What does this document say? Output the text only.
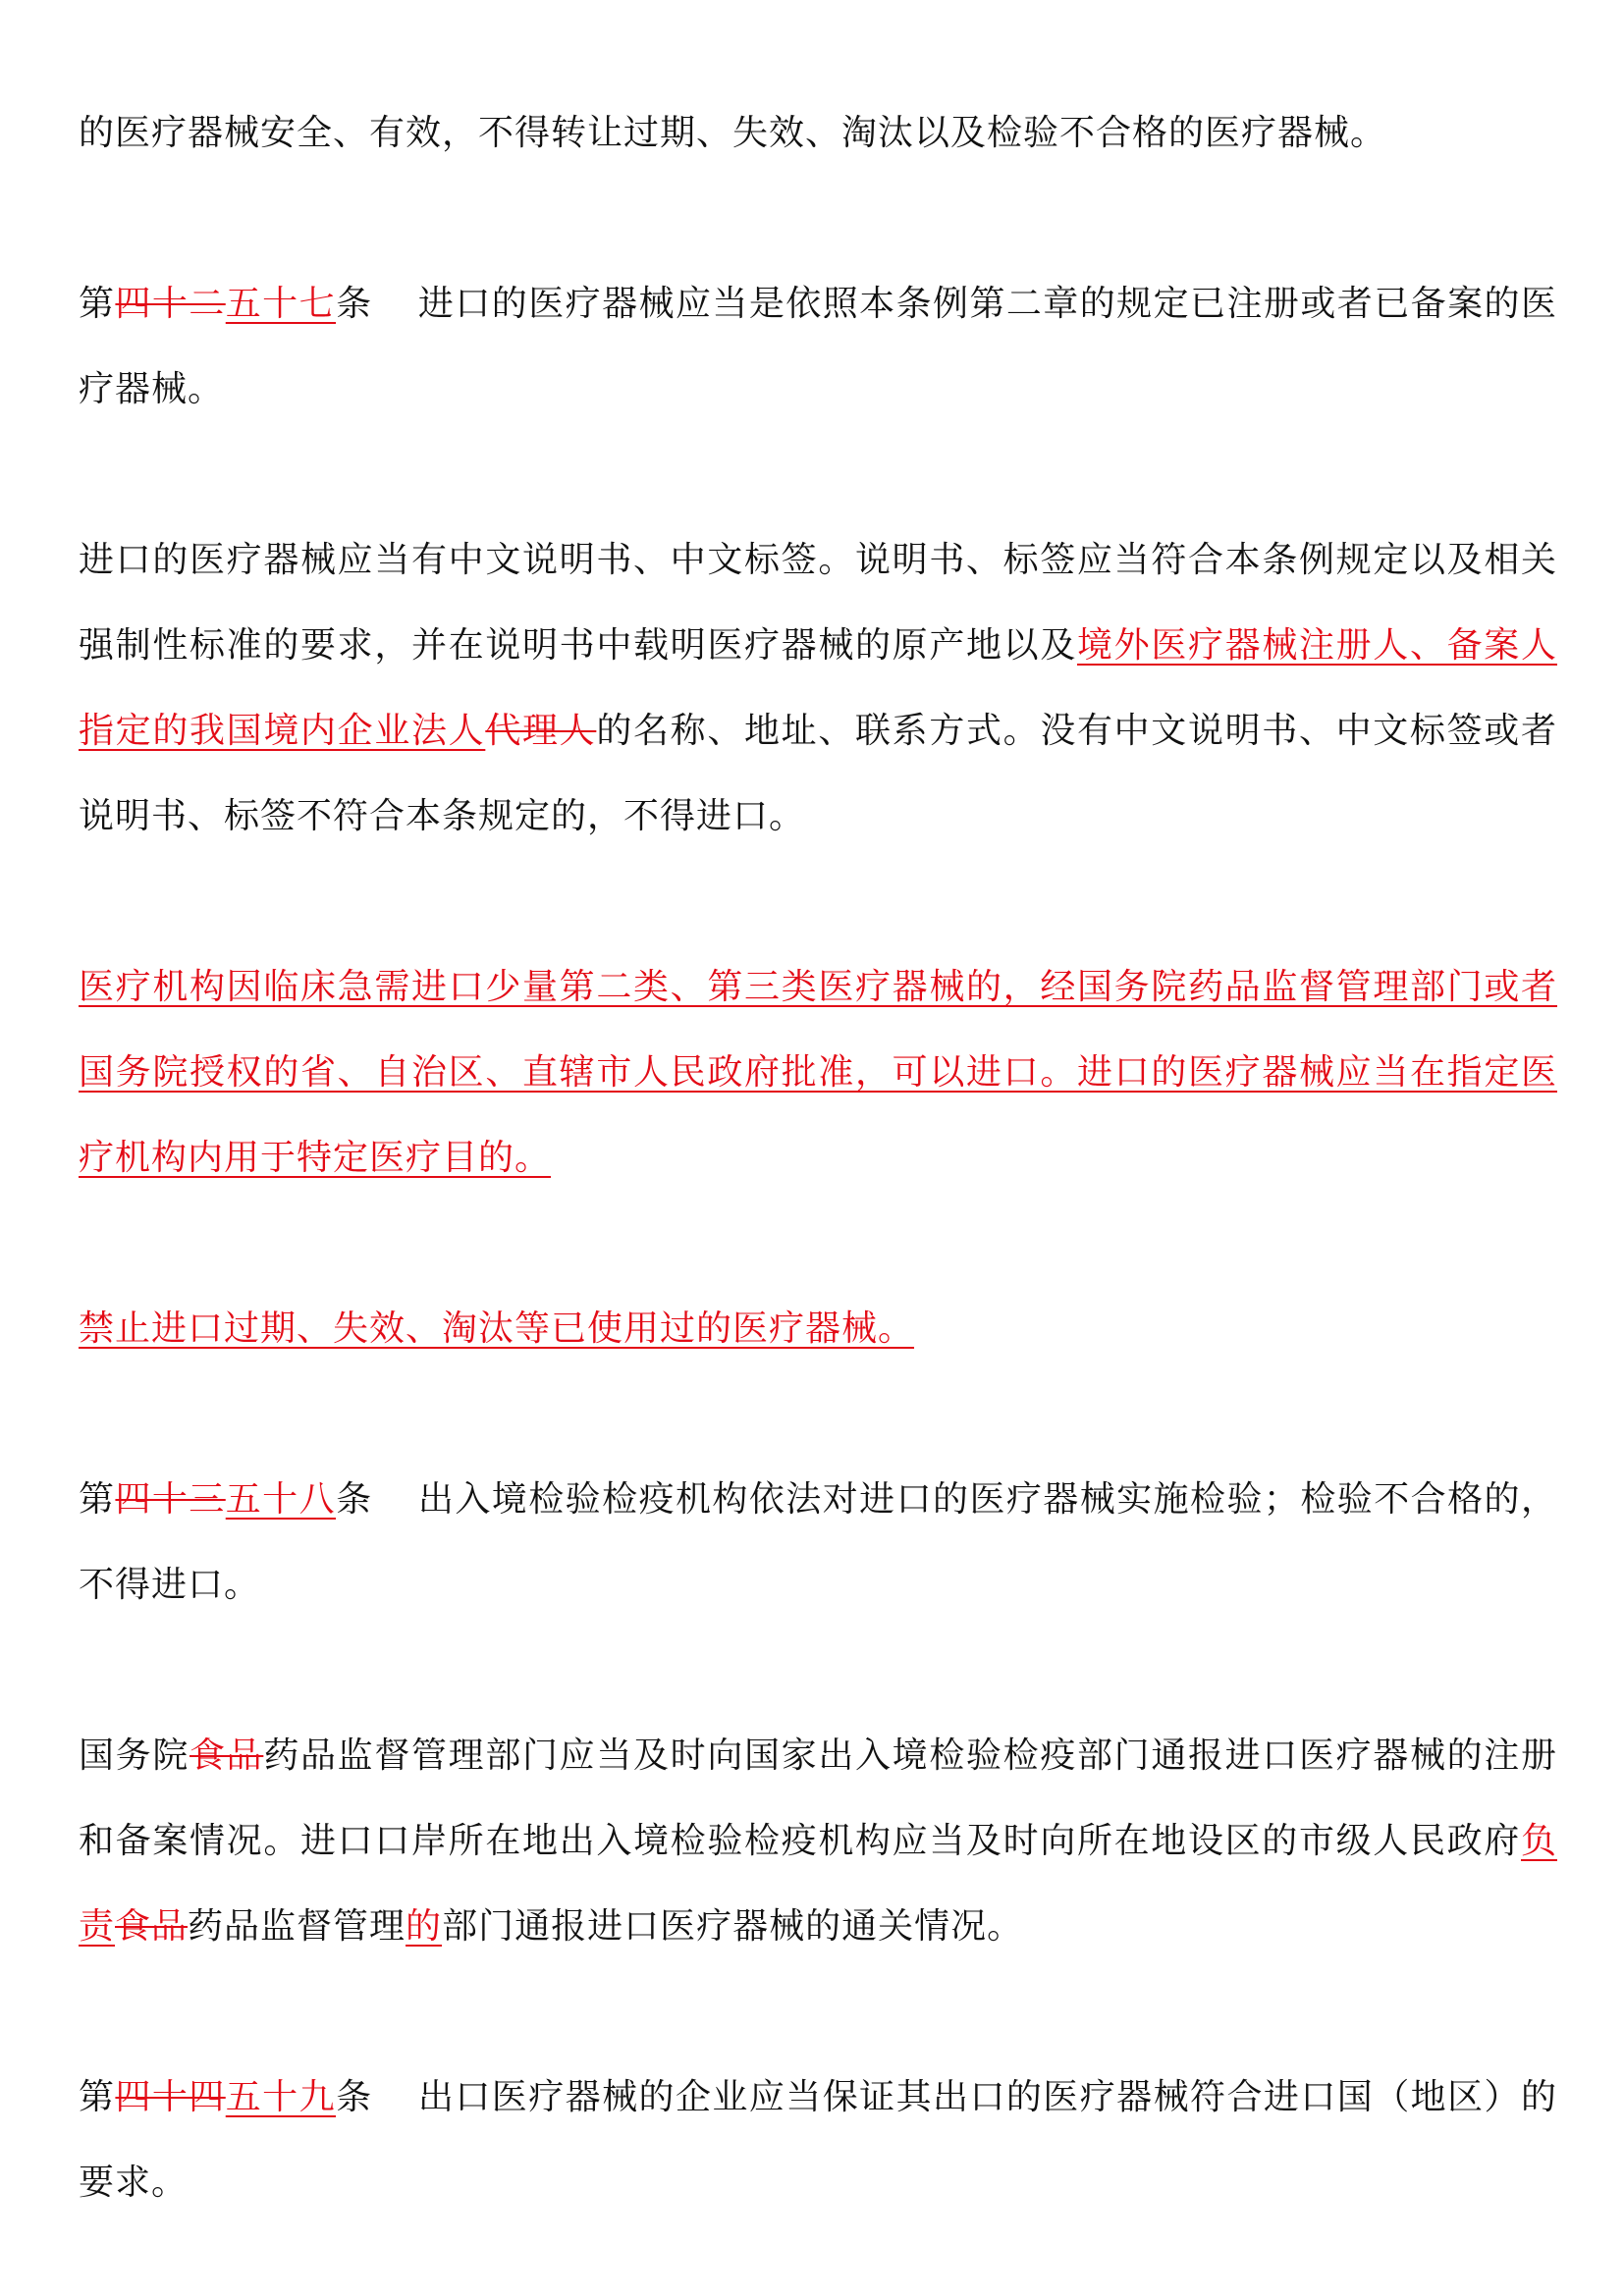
的医疗器械安全、有效，不得转让过期、失效、淘汰以及检验不合格的医疗器械。

第四十二五十七条 进口的医疗器械应当是依照本条例第二章的规定已注册或者已备案的医疗器械。

进口的医疗器械应当有中文说明书、中文标签。说明书、标签应当符合本条例规定以及相关强制性标准的要求，并在说明书中载明医疗器械的原产地以及境外医疗器械注册人、备案人指定的我国境内企业法人代理人的名称、地址、联系方式。没有中文说明书、中文标签或者说明书、标签不符合本条规定的，不得进口。

医疗机构因临床急需进口少量第二类、第三类医疗器械的，经国务院药品监督管理部门或者国务院授权的省、自治区、直辖市人民政府批准，可以进口。进口的医疗器械应当在指定医疗机构内用于特定医疗目的。

禁止进口过期、失效、淘汰等已使用过的医疗器械。

第四十三五十八条 出入境检验检疫机构依法对进口的医疗器械实施检验；检验不合格的，不得进口。

国务院食品药品监督管理部门应当及时向国家出入境检验检疫部门通报进口医疗器械的注册和备案情况。进口口岸所在地出入境检验检疫机构应当及时向所在地设区的市级人民政府负责食品药品监督管理的部门通报进口医疗器械的通关情况。

第四十四五十九条 出口医疗器械的企业应当保证其出口的医疗器械符合进口国（地区）的要求。
